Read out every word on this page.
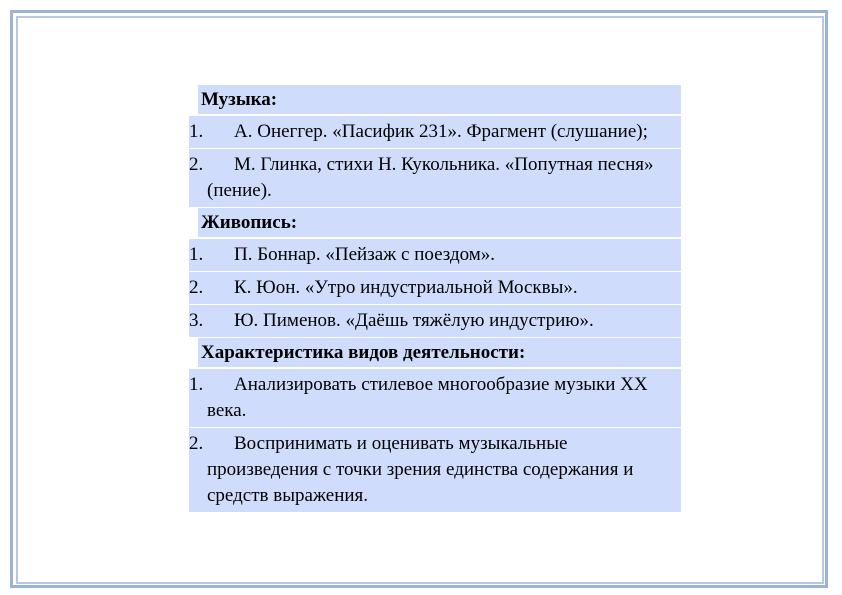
Музыка:
1. А. Онеггер. «Пасифик 231». Фрагмент (слушание);
2. М. Глинка, стихи Н. Кукольника. «Попутная песня» (пение).
Живопись:
1. П. Боннар. «Пейзаж с поездом».
2. К. Юон. «Утро индустриальной Москвы».
3. Ю. Пименов. «Даёшь тяжёлую индустрию».
Характеристика видов деятельности:
1. Анализировать стилевое многообразие музыки XX века.
2. Воспринимать и оценивать музыкальные произведения с точки зрения единства содержания и средств выражения.
